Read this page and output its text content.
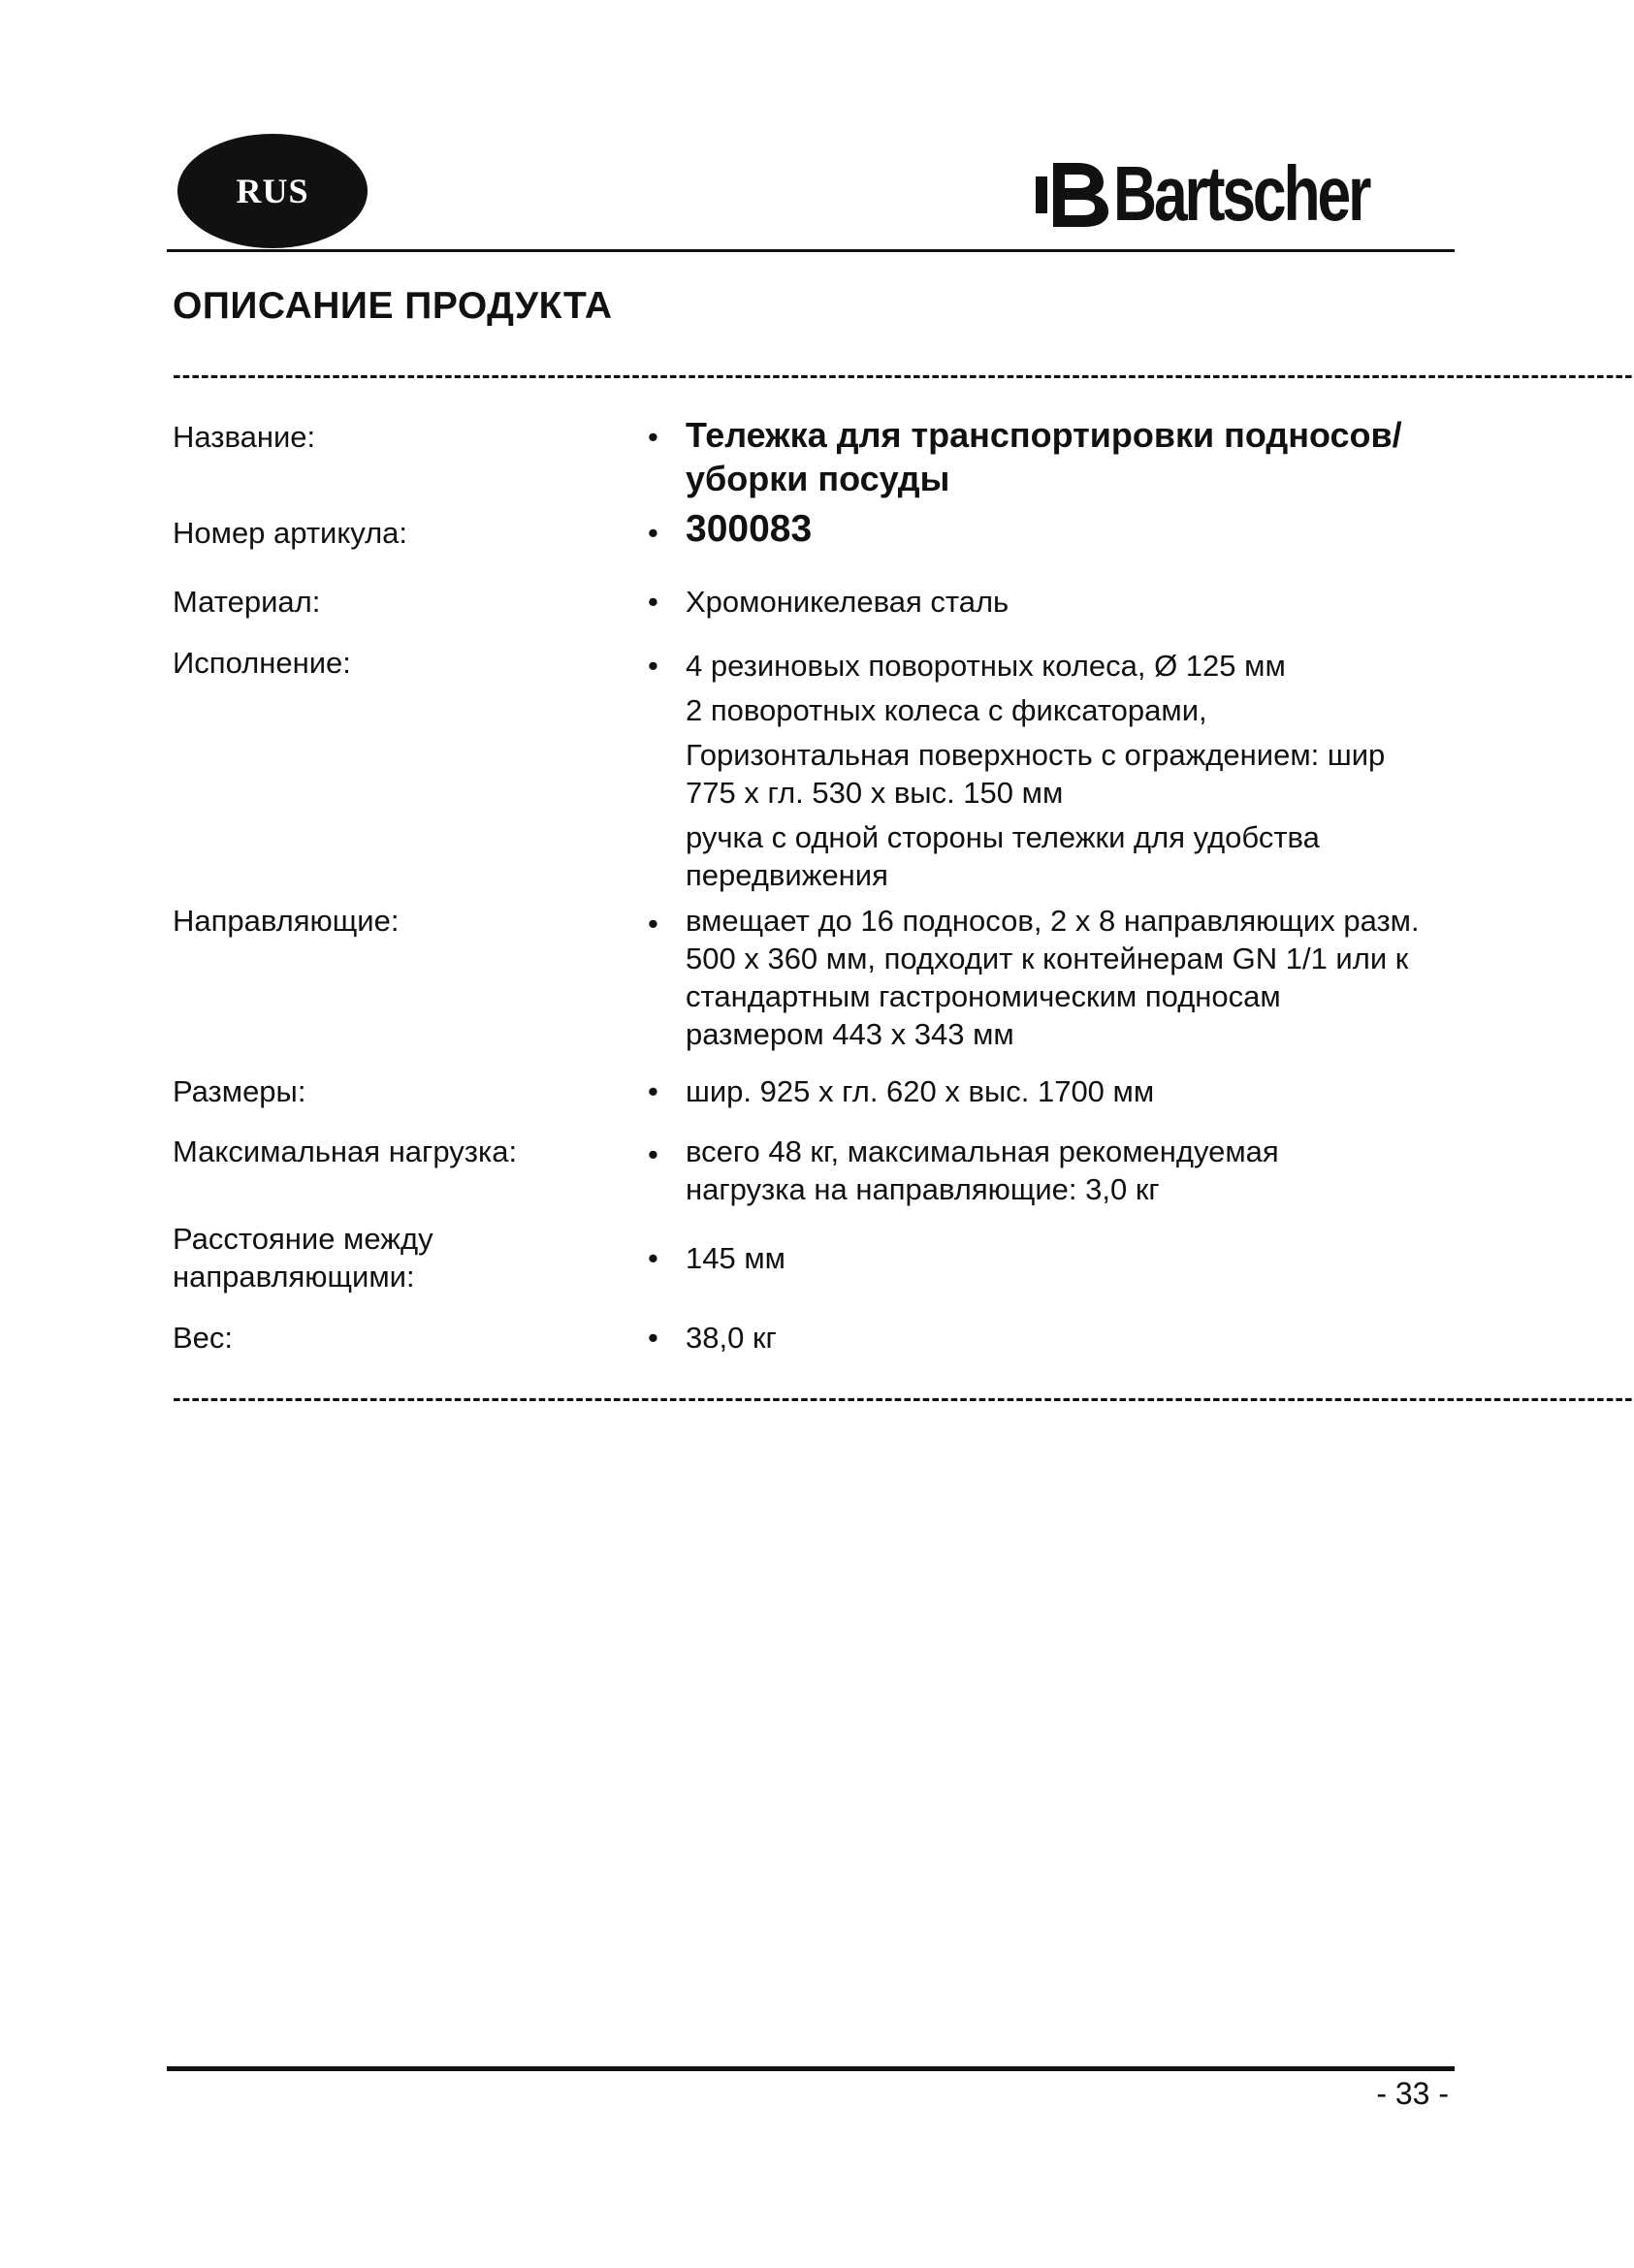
RUS	Bartscher
ОПИСАНИЕ ПРОДУКТА
------------------------------------------------------------------------------------------------------------------------------------------------------------
Название:	• Тележка для транспортировки подносов/ уборки посуды
Номер артикула:	• 300083
Материал:	• Хромоникелевая сталь
Исполнение:	• 4 резиновых поворотных колеса, Ø 125 мм

2 поворотных колеса с фиксаторами,

Горизонтальная поверхность с ограждением: шир 775 x гл. 530 x выс. 150 мм

ручка с одной стороны тележки для удобства передвижения

Направляющие:	• вмещает до 16 подносов, 2 x 8 направляющих разм. 500 x 360 мм, подходит к контейнерам GN 1/1 или к стандартным гастрономическим подносам размером 443 x 343 мм
Размеры:	• шир. 925 x гл. 620 x выс. 1700 мм
Максимальная нагрузка:	• всего 48 кг, максимальная рекомендуемая нагрузка на направляющие: 3,0 кг
Расстояние между направляющими:
• 145 мм
Вес:	• 38,0 кг
------------------------------------------------------------------------------------------------------------------------------------------------------------
- 33 -
